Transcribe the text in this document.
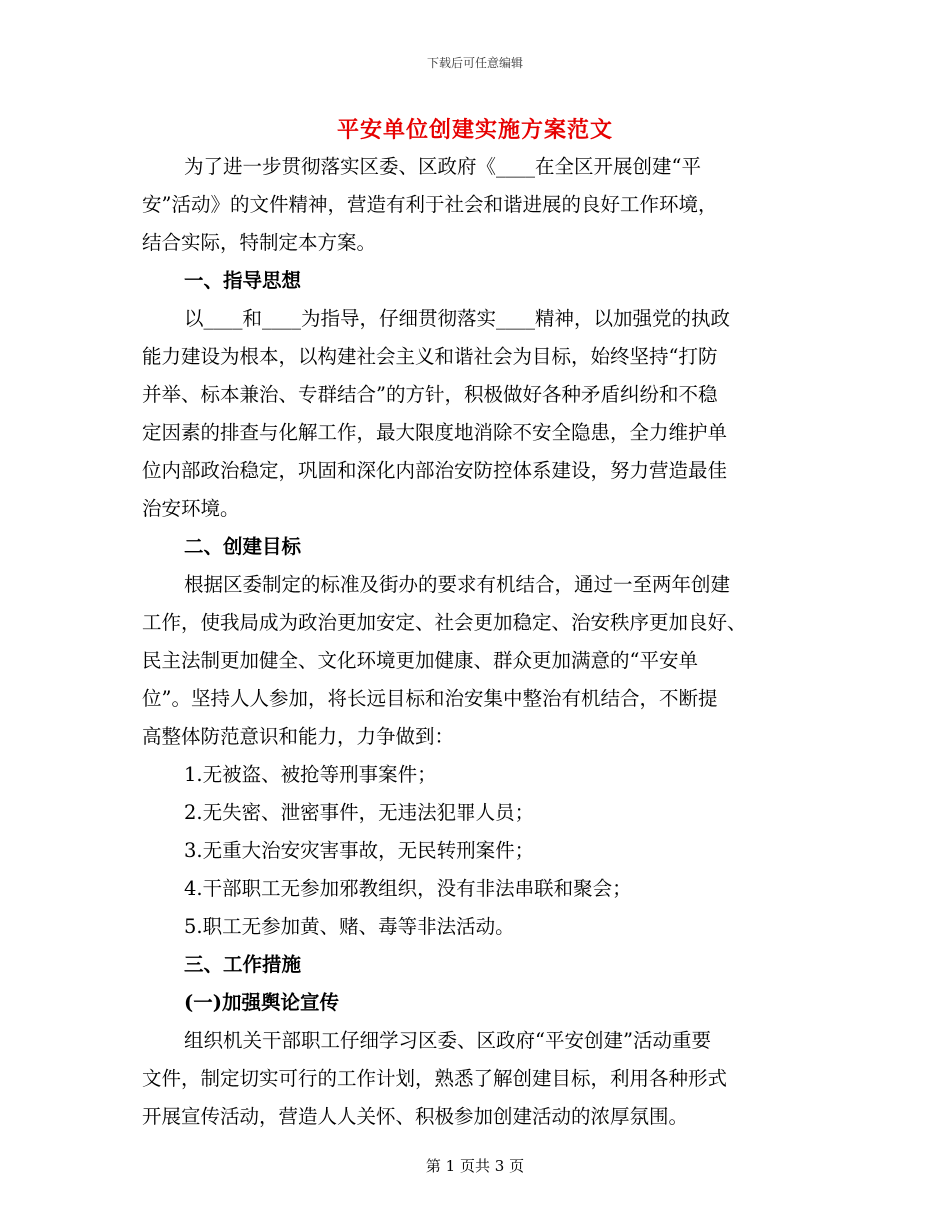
下载后可任意编辑
平安单位创建实施方案范文
为了进一步贯彻落实区委、区政府《____在全区开展创建“平
安”活动》的文件精神，营造有利于社会和谐进展的良好工作环境，
结合实际，特制定本方案。
一、指导思想
以____和____为指导，仔细贯彻落实____精神，以加强党的执政
能力建设为根本，以构建社会主义和谐社会为目标，始终坚持“打防
并举、标本兼治、专群结合”的方针，积极做好各种矛盾纠纷和不稳
定因素的排查与化解工作，最大限度地消除不安全隐患，全力维护单
位内部政治稳定，巩固和深化内部治安防控体系建设，努力营造最佳
治安环境。
二、创建目标
根据区委制定的标准及街办的要求有机结合，通过一至两年创建
工作，使我局成为政治更加安定、社会更加稳定、治安秩序更加良好、
民主法制更加健全、文化环境更加健康、群众更加满意的“平安单
位”。坚持人人参加，将长远目标和治安集中整治有机结合，不断提
高整体防范意识和能力，力争做到：
1.无被盗、被抢等刑事案件；
2.无失密、泄密事件，无违法犯罪人员；
3.无重大治安灾害事故，无民转刑案件；
4.干部职工无参加邪教组织，没有非法串联和聚会；
5.职工无参加黄、赌、毒等非法活动。
三、工作措施
(一)加强舆论宣传
组织机关干部职工仔细学习区委、区政府“平安创建”活动重要
文件，制定切实可行的工作计划，熟悉了解创建目标，利用各种形式
开展宣传活动，营造人人关怀、积极参加创建活动的浓厚氛围。
第 1 页共 3 页
